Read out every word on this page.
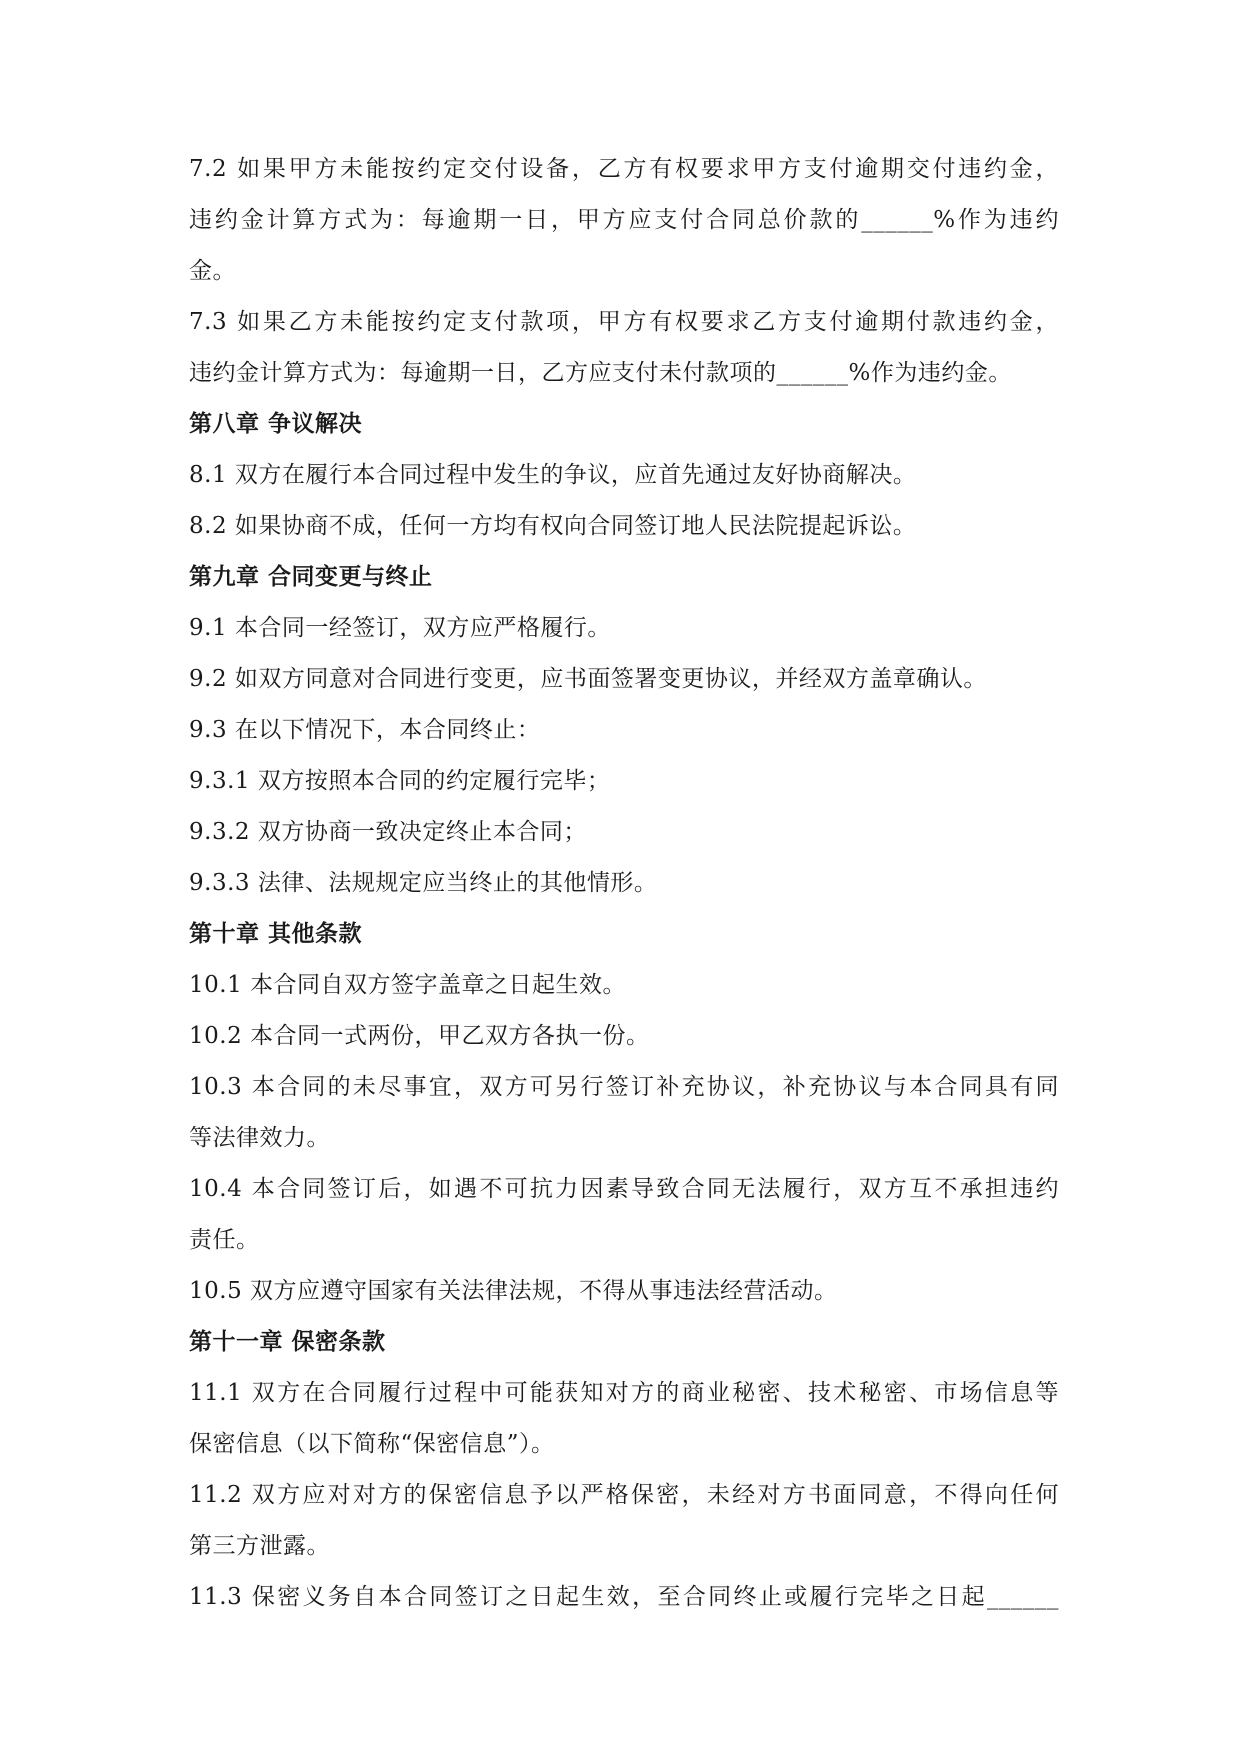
7.2 如果甲方未能按约定交付设备，乙方有权要求甲方支付逾期交付违约金，
违约金计算方式为：每逾期一日，甲方应支付合同总价款的______%作为违约
金。
7.3 如果乙方未能按约定支付款项，甲方有权要求乙方支付逾期付款违约金，
违约金计算方式为：每逾期一日，乙方应支付未付款项的______%作为违约金。
第八章 争议解决
8.1 双方在履行本合同过程中发生的争议，应首先通过友好协商解决。
8.2 如果协商不成，任何一方均有权向合同签订地人民法院提起诉讼。
第九章 合同变更与终止
9.1 本合同一经签订，双方应严格履行。
9.2 如双方同意对合同进行变更，应书面签署变更协议，并经双方盖章确认。
9.3 在以下情况下，本合同终止：
9.3.1 双方按照本合同的约定履行完毕；
9.3.2 双方协商一致决定终止本合同；
9.3.3 法律、法规规定应当终止的其他情形。
第十章 其他条款
10.1 本合同自双方签字盖章之日起生效。
10.2 本合同一式两份，甲乙双方各执一份。
10.3 本合同的未尽事宜，双方可另行签订补充协议，补充协议与本合同具有同
等法律效力。
10.4 本合同签订后，如遇不可抗力因素导致合同无法履行，双方互不承担违约
责任。
10.5 双方应遵守国家有关法律法规，不得从事违法经营活动。
第十一章 保密条款
11.1 双方在合同履行过程中可能获知对方的商业秘密、技术秘密、市场信息等
保密信息（以下简称“保密信息”）。
11.2 双方应对对方的保密信息予以严格保密，未经对方书面同意，不得向任何
第三方泄露。
11.3 保密义务自本合同签订之日起生效，至合同终止或履行完毕之日起______
